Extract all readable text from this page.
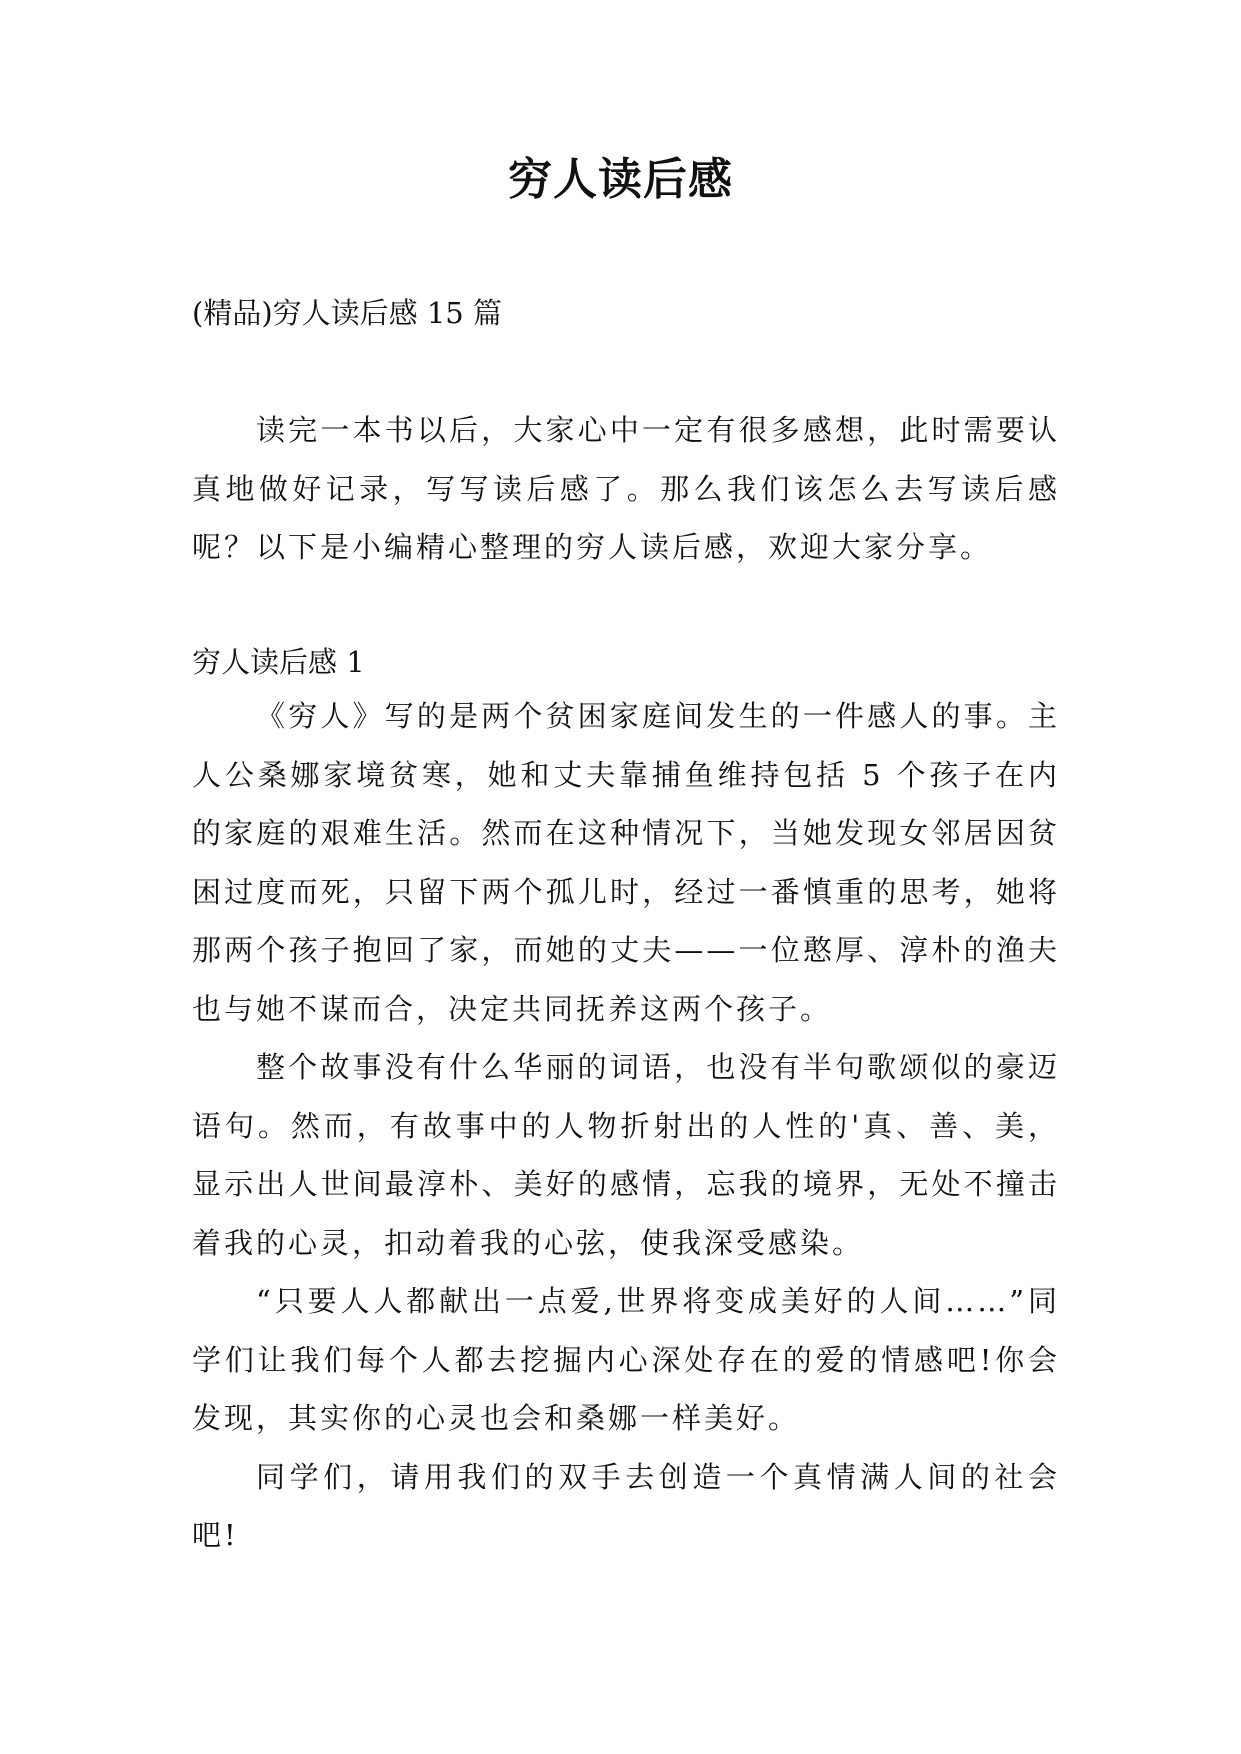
穷人读后感
(精品)穷人读后感 15 篇

读完一本书以后，大家心中一定有很多感想，此时需要认真地做好记录，写写读后感了。那么我们该怎么去写读后感呢？以下是小编精心整理的穷人读后感，欢迎大家分享。

穷人读后感 1

《穷人》写的是两个贫困家庭间发生的一件感人的事。主人公桑娜家境贫寒，她和丈夫靠捕鱼维持包括 5 个孩子在内的家庭的艰难生活。然而在这种情况下，当她发现女邻居因贫困过度而死，只留下两个孤儿时，经过一番慎重的思考，她将那两个孩子抱回了家，而她的丈夫——一位憨厚、淳朴的渔夫也与她不谋而合，决定共同抚养这两个孩子。

整个故事没有什么华丽的词语，也没有半句歌颂似的豪迈语句。然而，有故事中的人物折射出的人性的'真、善、美，显示出人世间最淳朴、美好的感情，忘我的境界，无处不撞击着我的心灵，扣动着我的心弦，使我深受感染。

“只要人人都献出一点爱,世界将变成美好的人间……”同学们让我们每个人都去挖掘内心深处存在的爱的情感吧!你会发现，其实你的心灵也会和桑娜一样美好。

同学们，请用我们的双手去创造一个真情满人间的社会吧!
